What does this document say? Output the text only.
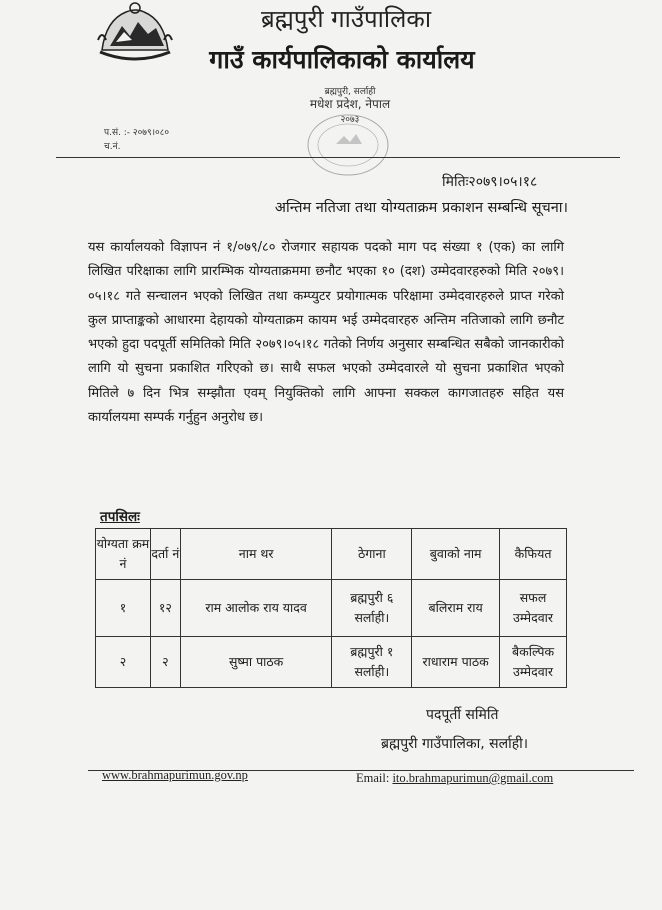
ब्रह्मपुरी गाउँपालिका
गाउँ कार्यपालिकाको कार्यालय
ब्रह्मपुरी, सर्लाही
मधेश प्रदेश, नेपाल
२०७३
प.सं. :- २०७९।०८०
च.नं.
मितिः२०७९।०५।१८
अन्तिम नतिजा तथा योग्यताक्रम प्रकाशन सम्बन्धि सूचना।
यस कार्यालयको विज्ञापन नं १/०७९/८० रोजगार सहायक पदको माग पद संख्या १ (एक) का लागि लिखित परिक्षाका लागि प्रारम्भिक योग्यताक्रममा छनौट भएका १० (दश) उम्मेदवारहरुको मिति २०७९।०५।१८ गते सन्चालन भएको लिखित तथा कम्प्युटर प्रयोगात्मक परिक्षामा उम्मेदवारहरुले प्राप्त गरेको कुल प्राप्ताङ्कको आधारमा देहायको योग्यताक्रम कायम भई उम्मेदवारहरु अन्तिम नतिजाको लागि छनौट भएको हुदा पदपूर्ती समितिको मिति २०७९।०५।१८ गतेको निर्णय अनुसार सम्बन्धित सबैको जानकारीको लागि यो सुचना प्रकाशित गरिएको छ। साथै सफल भएको उम्मेदवारले यो सुचना प्रकाशित भएको मितिले ७ दिन भित्र सम्झौता एवम् नियुक्तिको लागि आफ्ना सक्कल कागजातहरु सहित यस कार्यालयमा सम्पर्क गर्नुहुन अनुरोध छ।
तपसिलः
योग्यता क्रम नं	दर्ता नं	नाम थर	ठेगाना	बुवाको नाम	कैफियत
१	१२	राम आलोक राय यादव	ब्रह्मपुरी ६ सर्लाही।	बलिराम राय	सफल उम्मेदवार
२	२	सुष्मा पाठक	ब्रह्मपुरी १ सर्लाही।	राधाराम पाठक	बैकल्पिक उम्मेदवार
पदपूर्ती समिति
ब्रह्मपुरी गाउँपालिका, सर्लाही।
www.brahmapurimun.gov.np	Email: ito.brahmapurimun@gmail.com
